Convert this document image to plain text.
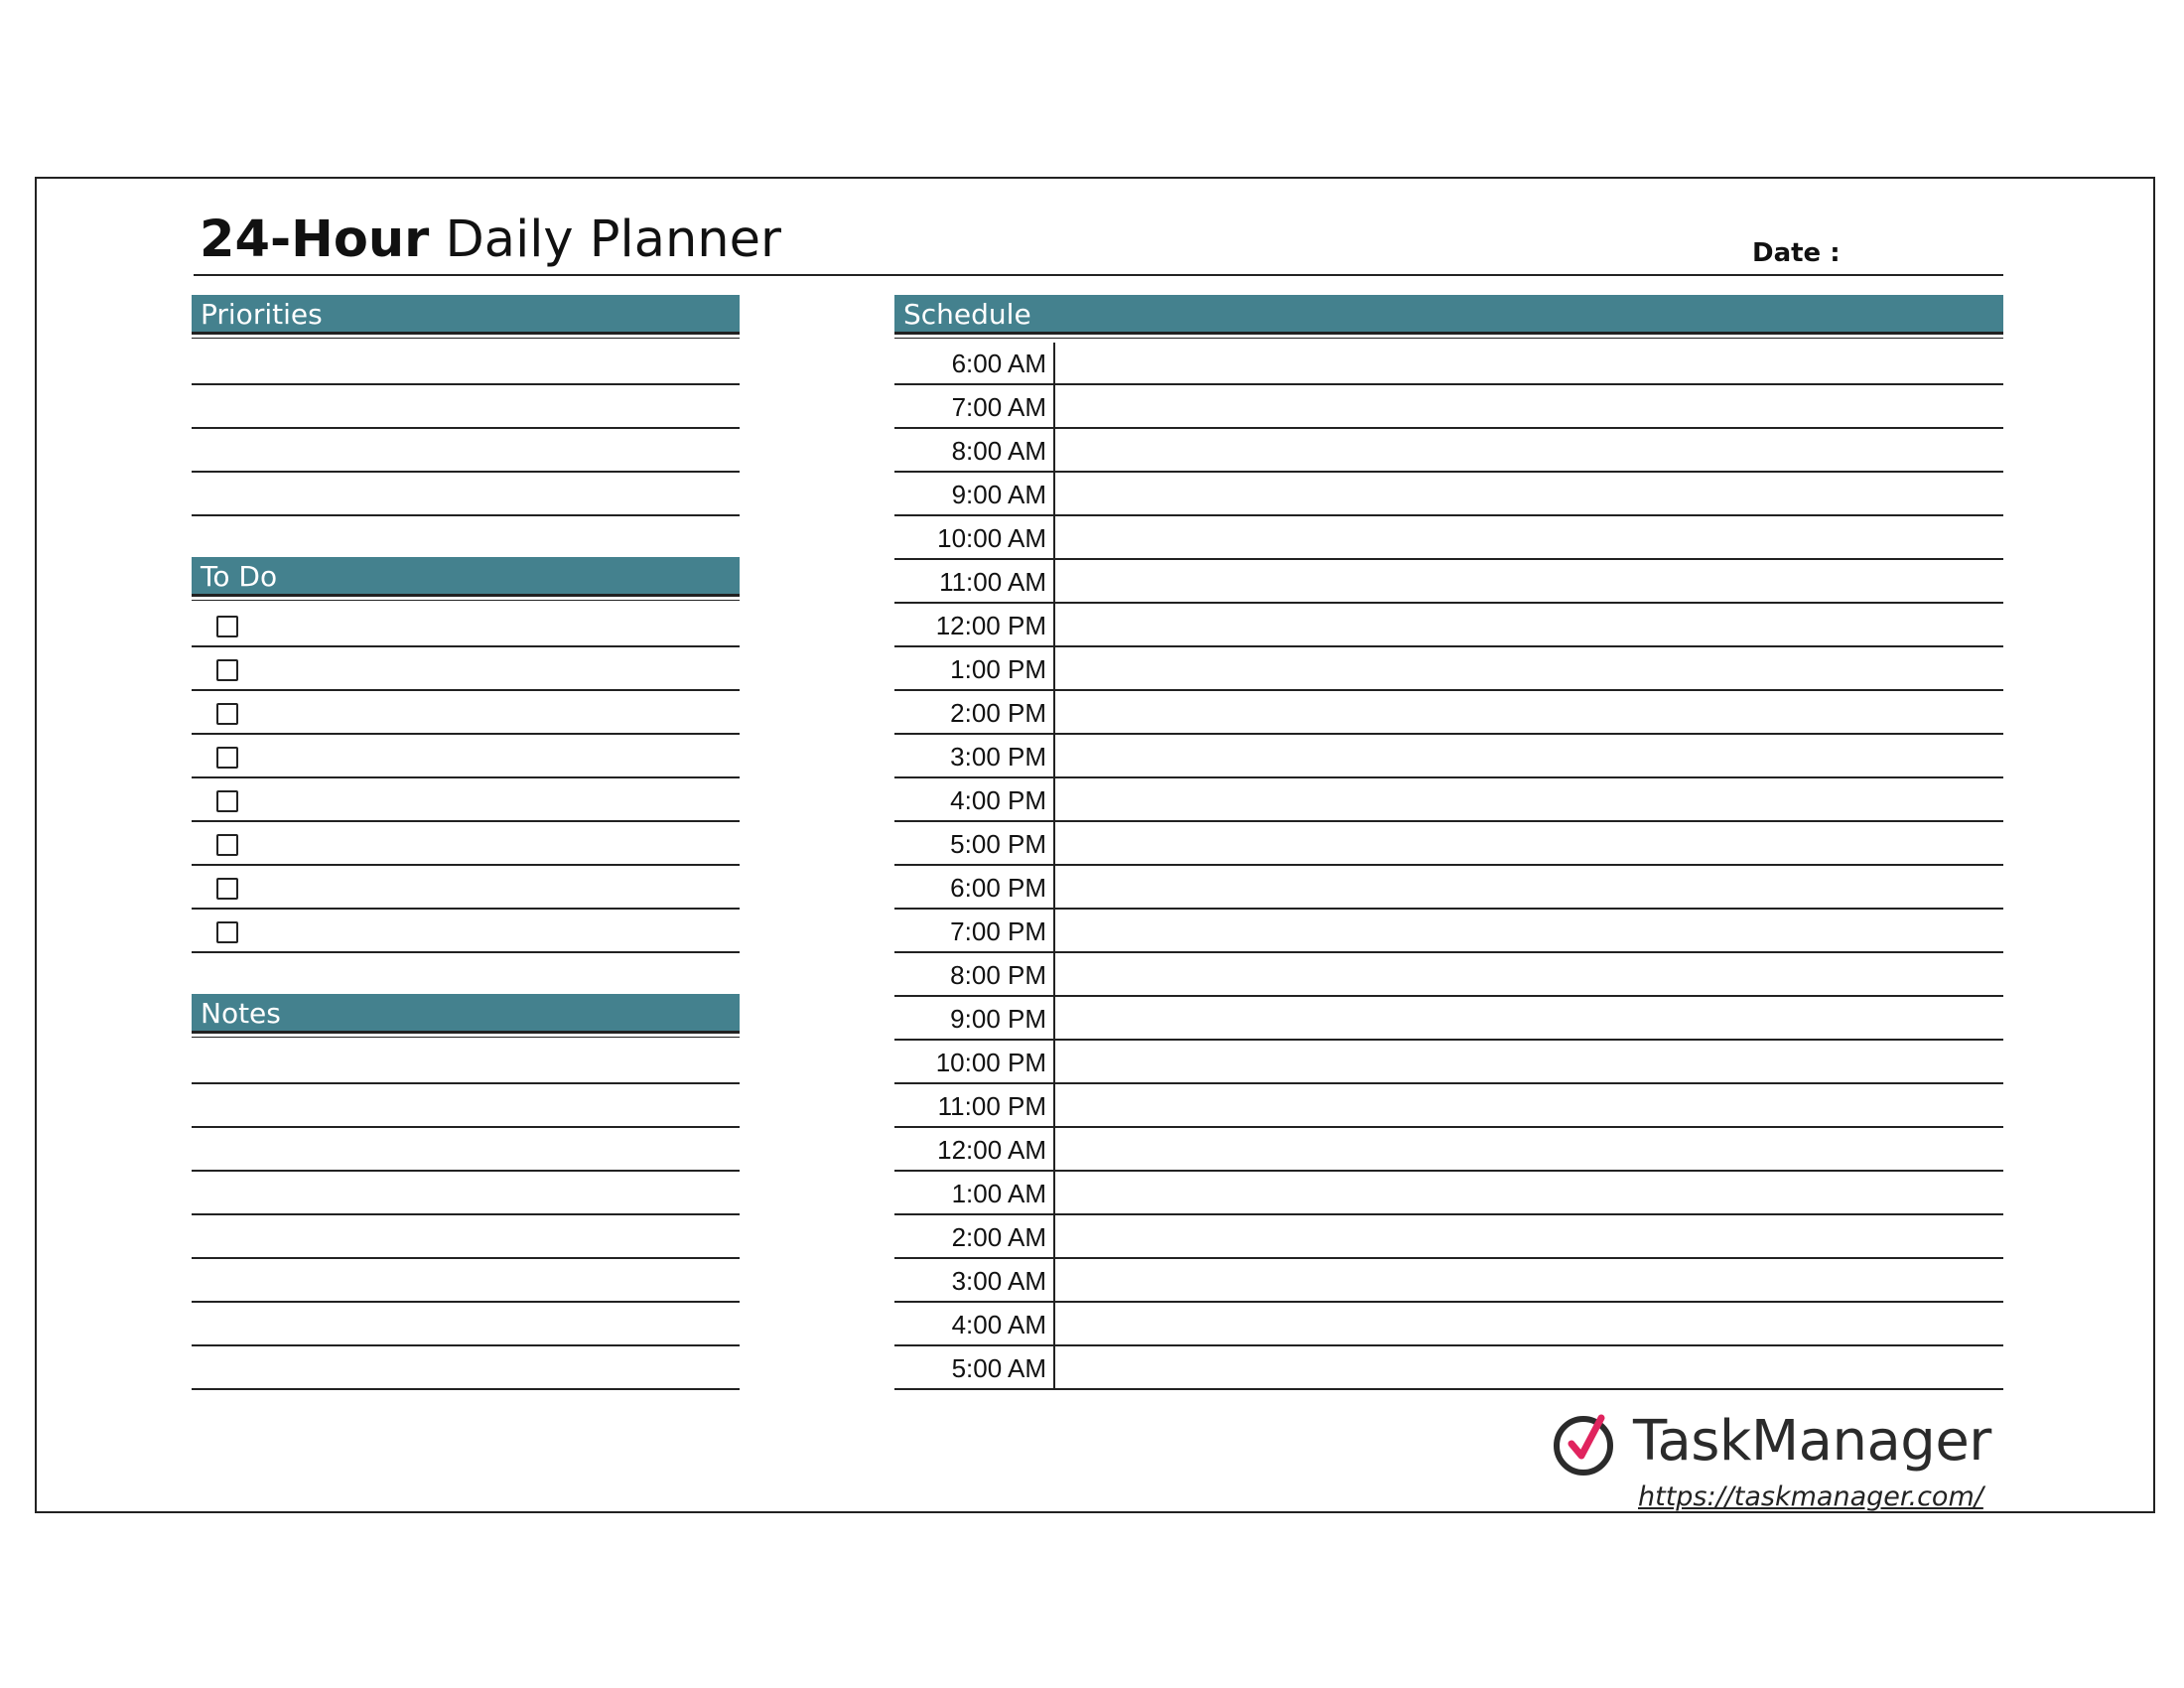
24-Hour Daily Planner	Date :
Priorities
To Do
Notes
Schedule
6:00 AM
7:00 AM
8:00 AM
9:00 AM
10:00 AM
11:00 AM
12:00 PM
1:00 PM
2:00 PM
3:00 PM
4:00 PM
5:00 PM
6:00 PM
7:00 PM
8:00 PM
9:00 PM
10:00 PM
11:00 PM
12:00 AM
1:00 AM
2:00 AM
3:00 AM
4:00 AM
5:00 AM
TaskManager
https://taskmanager.com/
